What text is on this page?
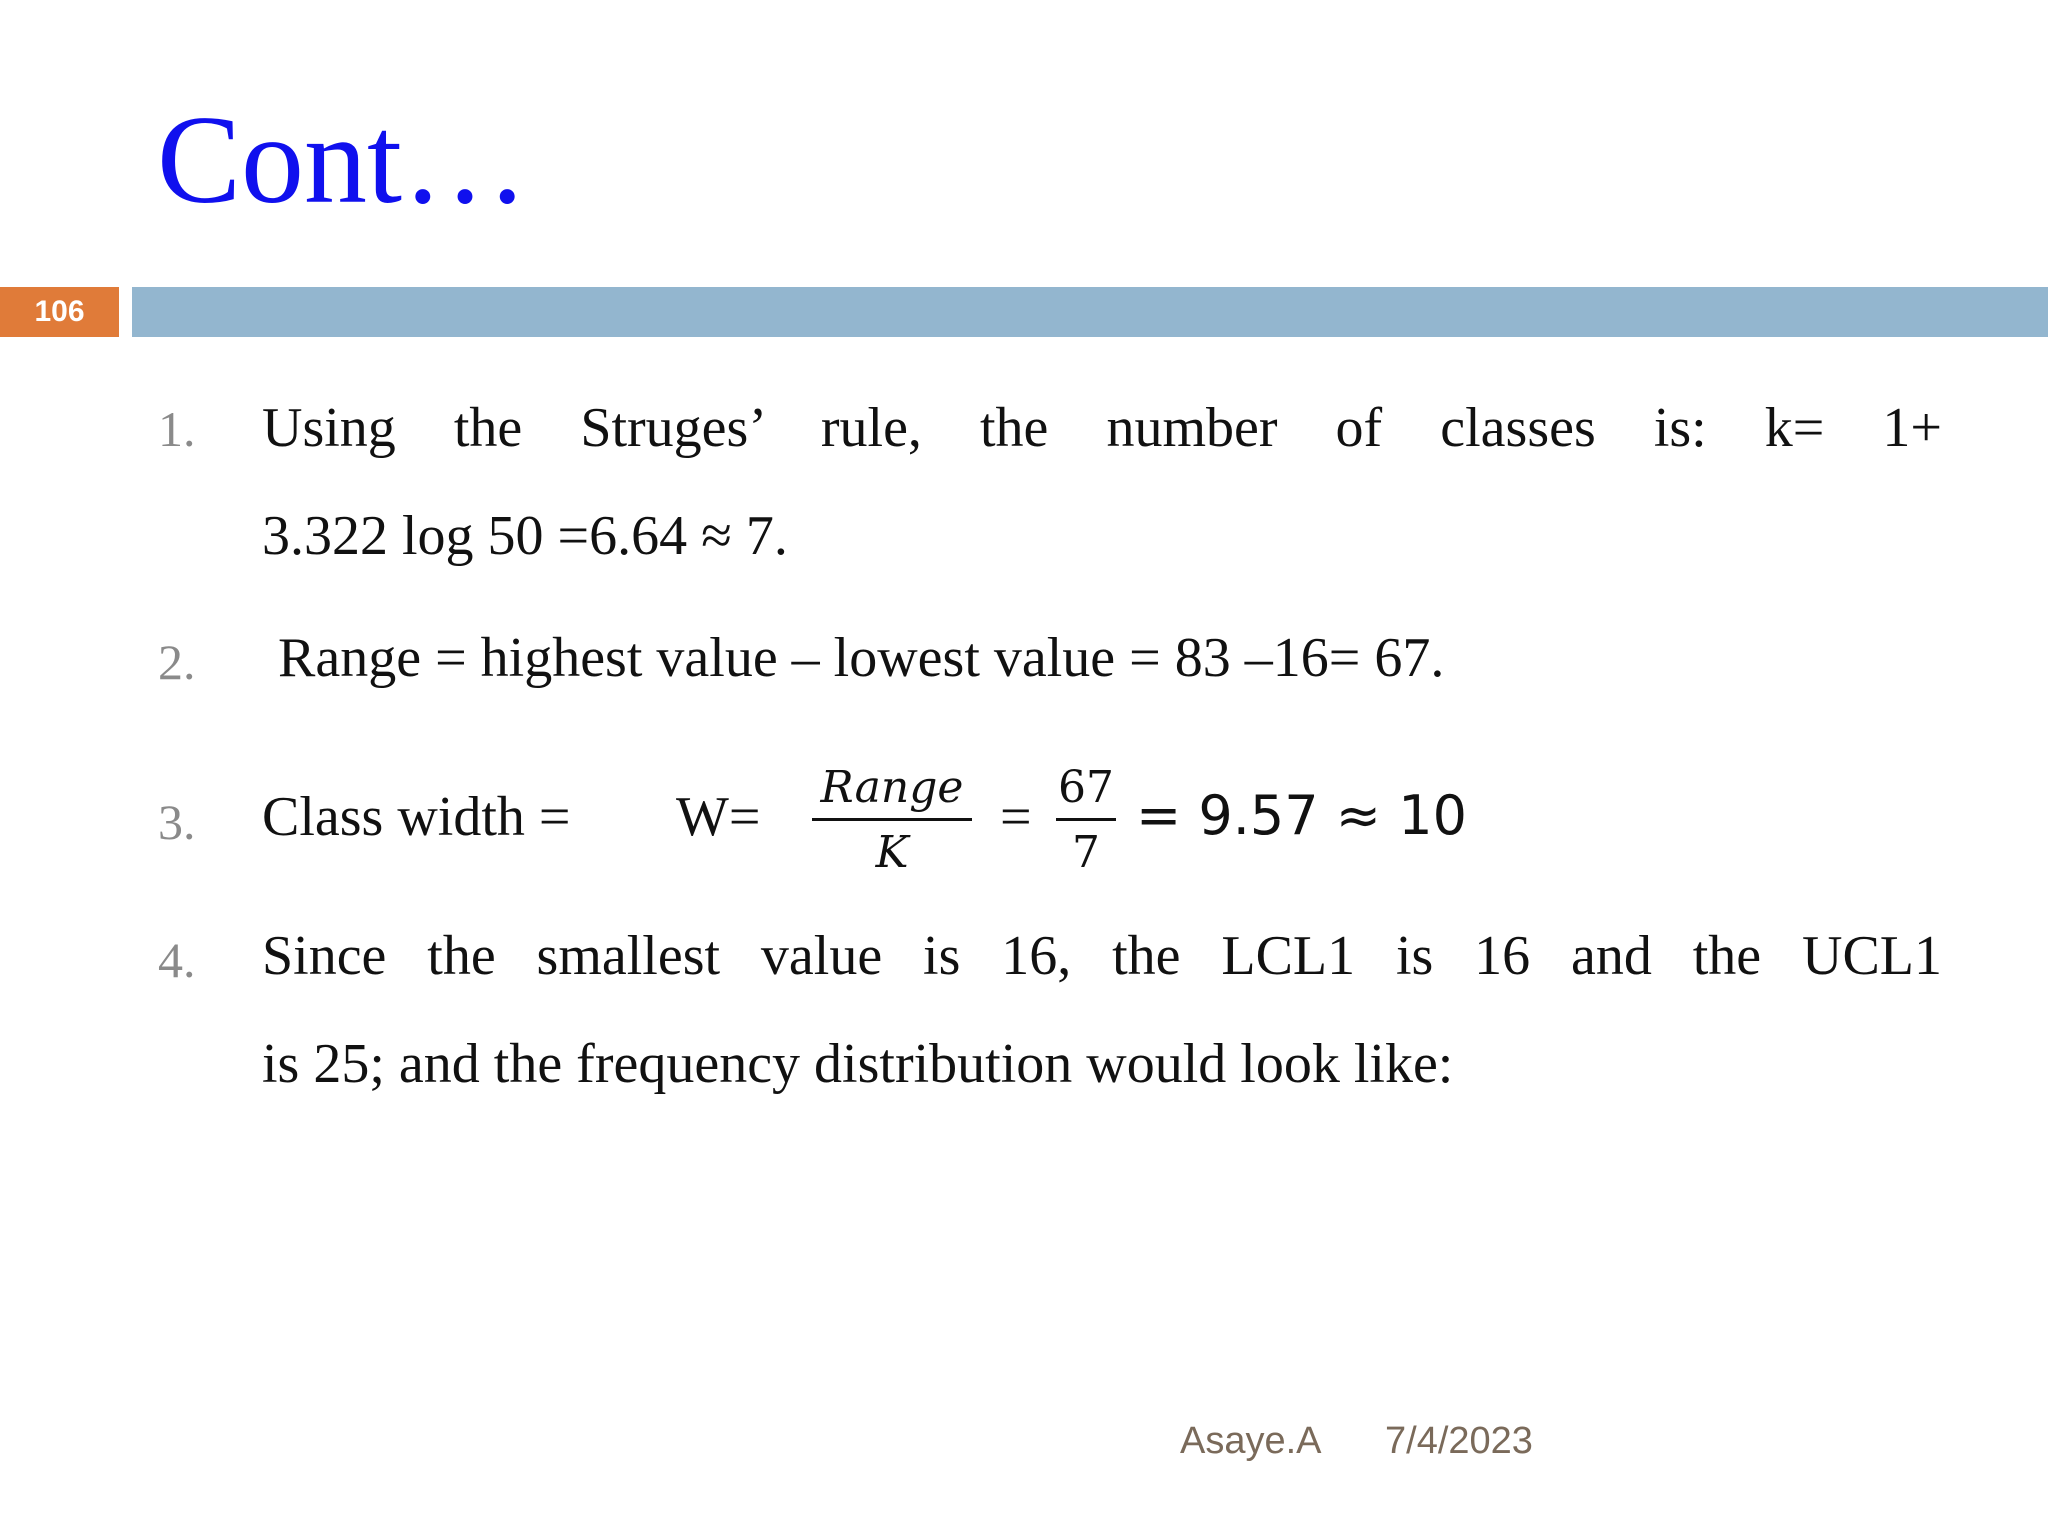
Cont…
106
1. Using the Struges’ rule, the number of classes is: k= 1+
3.322 log 50 =6.64 ≈ 7.
2. Range = highest value – lowest value = 83 –16= 67.
3. Class width = W= Range
K
= 67
7
= 9.57 ≈ 10
4. Since the smallest value is 16, the LCL1 is 16 and the UCL1
is 25; and the frequency distribution would look like:
Asaye.A 7/4/2023
